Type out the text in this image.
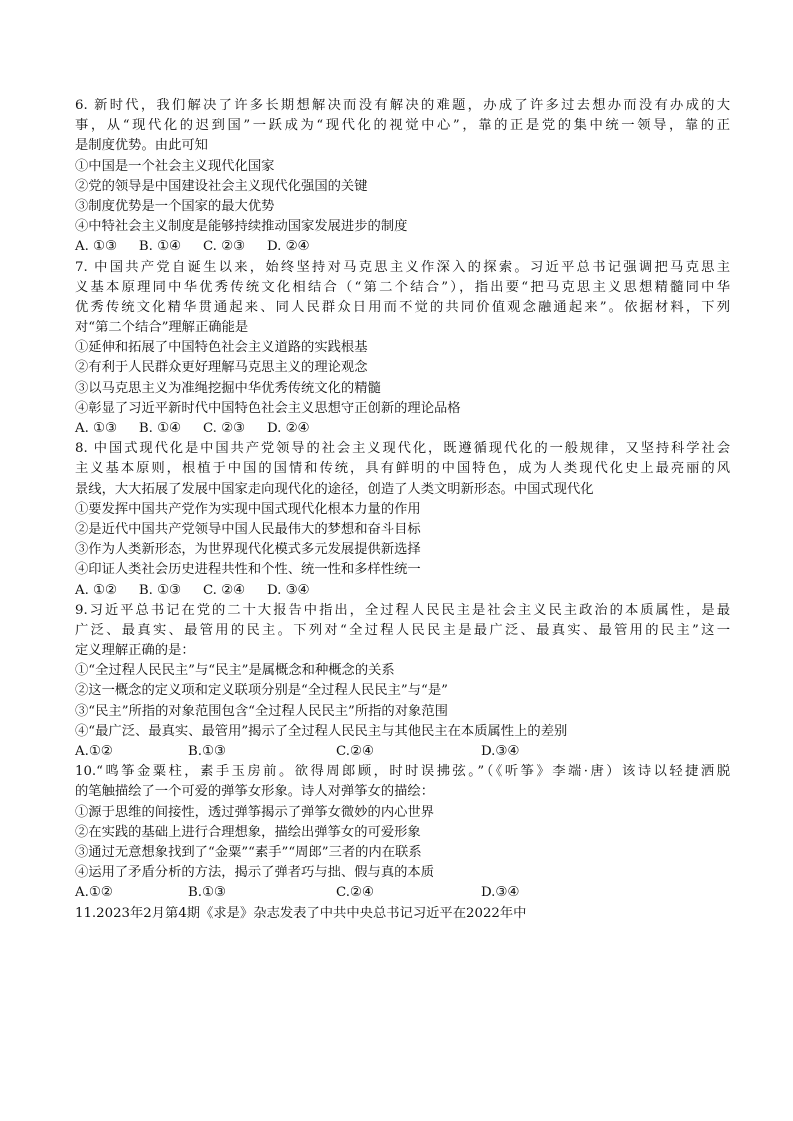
6. 新时代，我们解决了许多长期想解决而没有解决的难题，办成了许多过去想办而没有办成的大
事，从“现代化的迟到国”一跃成为“现代化的视觉中心”，靠的正是党的集中统一领导，靠的正
是制度优势。由此可知
①中国是一个社会主义现代化国家
②党的领导是中国建设社会主义现代化强国的关键
③制度优势是一个国家的最大优势
④中特社会主义制度是能够持续推动国家发展进步的制度
A. ①③ B. ①④ C. ②③ D. ②④
7. 中国共产党自诞生以来，始终坚持对马克思主义作深入的探索。习近平总书记强调把马克思主
义基本原理同中华优秀传统文化相结合（“第二个结合”），指出要“把马克思主义思想精髓同中华
优秀传统文化精华贯通起来、同人民群众日用而不觉的共同价值观念融通起来”。依据材料，下列
对“第二个结合”理解正确能是
①延伸和拓展了中国特色社会主义道路的实践根基
②有利于人民群众更好理解马克思主义的理论观念
③以马克思主义为准绳挖掘中华优秀传统文化的精髓
④彰显了习近平新时代中国特色社会主义思想守正创新的理论品格
A. ①③ B. ①④ C. ②③ D. ②④
8. 中国式现代化是中国共产党领导的社会主义现代化，既遵循现代化的一般规律，又坚持科学社会
主义基本原则，根植于中国的国情和传统，具有鲜明的中国特色，成为人类现代化史上最亮丽的风
景线，大大拓展了发展中国家走向现代化的途径，创造了人类文明新形态。中国式现代化
①要发挥中国共产党作为实现中国式现代化根本力量的作用
②是近代中国共产党领导中国人民最伟大的梦想和奋斗目标
③作为人类新形态，为世界现代化模式多元发展提供新选择
④印证人类社会历史进程共性和个性、统一性和多样性统一
A. ①② B. ①③ C. ②④ D. ③④
9.习近平总书记在党的二十大报告中指出，全过程人民民主是社会主义民主政治的本质属性，是最
广泛、最真实、最管用的民主。下列对“全过程人民民主是最广泛、最真实、最管用的民主”这一
定义理解正确的是：
①“全过程人民民主”与“民主”是属概念和种概念的关系
②这一概念的定义项和定义联项分别是“全过程人民民主”与“是”
③“民主”所指的对象范围包含“全过程人民民主”所指的对象范围
④“最广泛、最真实、最管用”揭示了全过程人民民主与其他民主在本质属性上的差别
A.①②	B.①③	C.②④	D.③④
10.“鸣筝金粟柱，素手玉房前。欲得周郎顾，时时误拂弦。”（《听筝》李端·唐）该诗以轻捷洒脱
的笔触描绘了一个可爱的弹筝女形象。诗人对弹筝女的描绘：
①源于思维的间接性，透过弹筝揭示了弹筝女微妙的内心世界
②在实践的基础上进行合理想象，描绘出弹筝女的可爱形象
③通过无意想象找到了“金粟”“素手”“周郎”三者的内在联系
④运用了矛盾分析的方法，揭示了弹者巧与拙、假与真的本质
A.①②	B.①③	C.②④	D.③④
11.2023年2月第4期《求是》杂志发表了中共中央总书记习近平在2022年中
